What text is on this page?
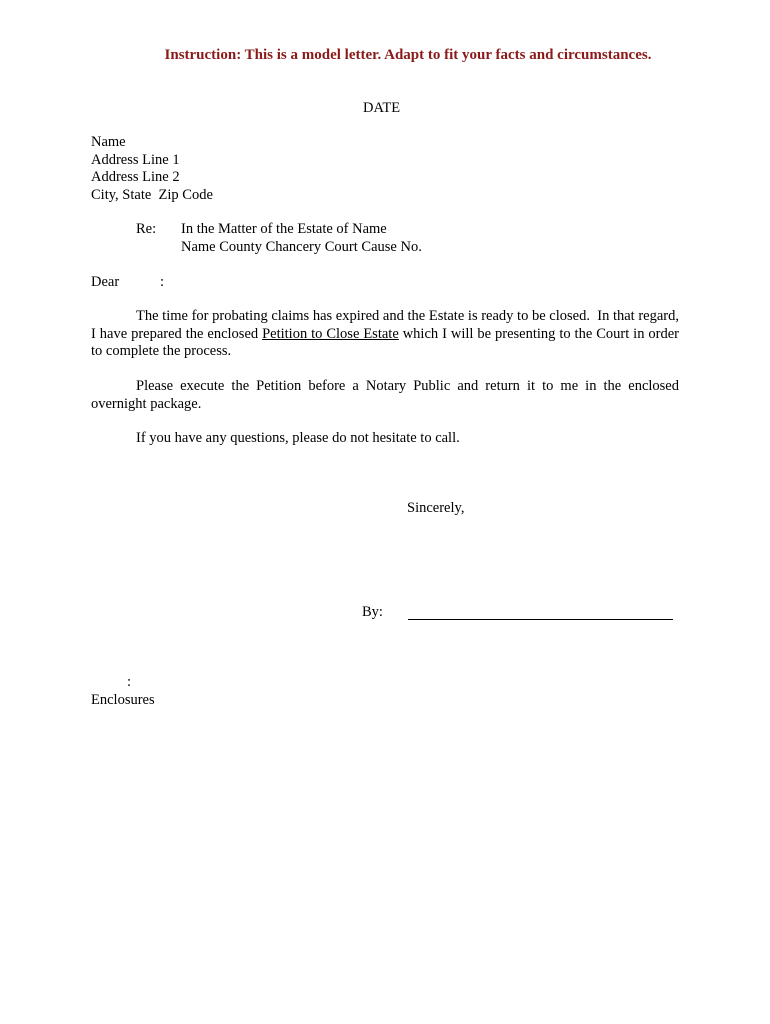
Instruction: This is a model letter. Adapt to fit your facts and circumstances.
DATE
Name
Address Line 1
Address Line 2
City, State  Zip Code
Re: In the Matter of the Estate of Name
Name County Chancery Court Cause No.
Dear	:
The time for probating claims has expired and the Estate is ready to be closed.  In that regard, I have prepared the enclosed Petition to Close Estate which I will be presenting to the Court in order to complete the process.
Please execute the Petition before a Notary Public and return it to me in the enclosed overnight package.
If you have any questions, please do not hesitate to call.
Sincerely,
By:
:
Enclosures
